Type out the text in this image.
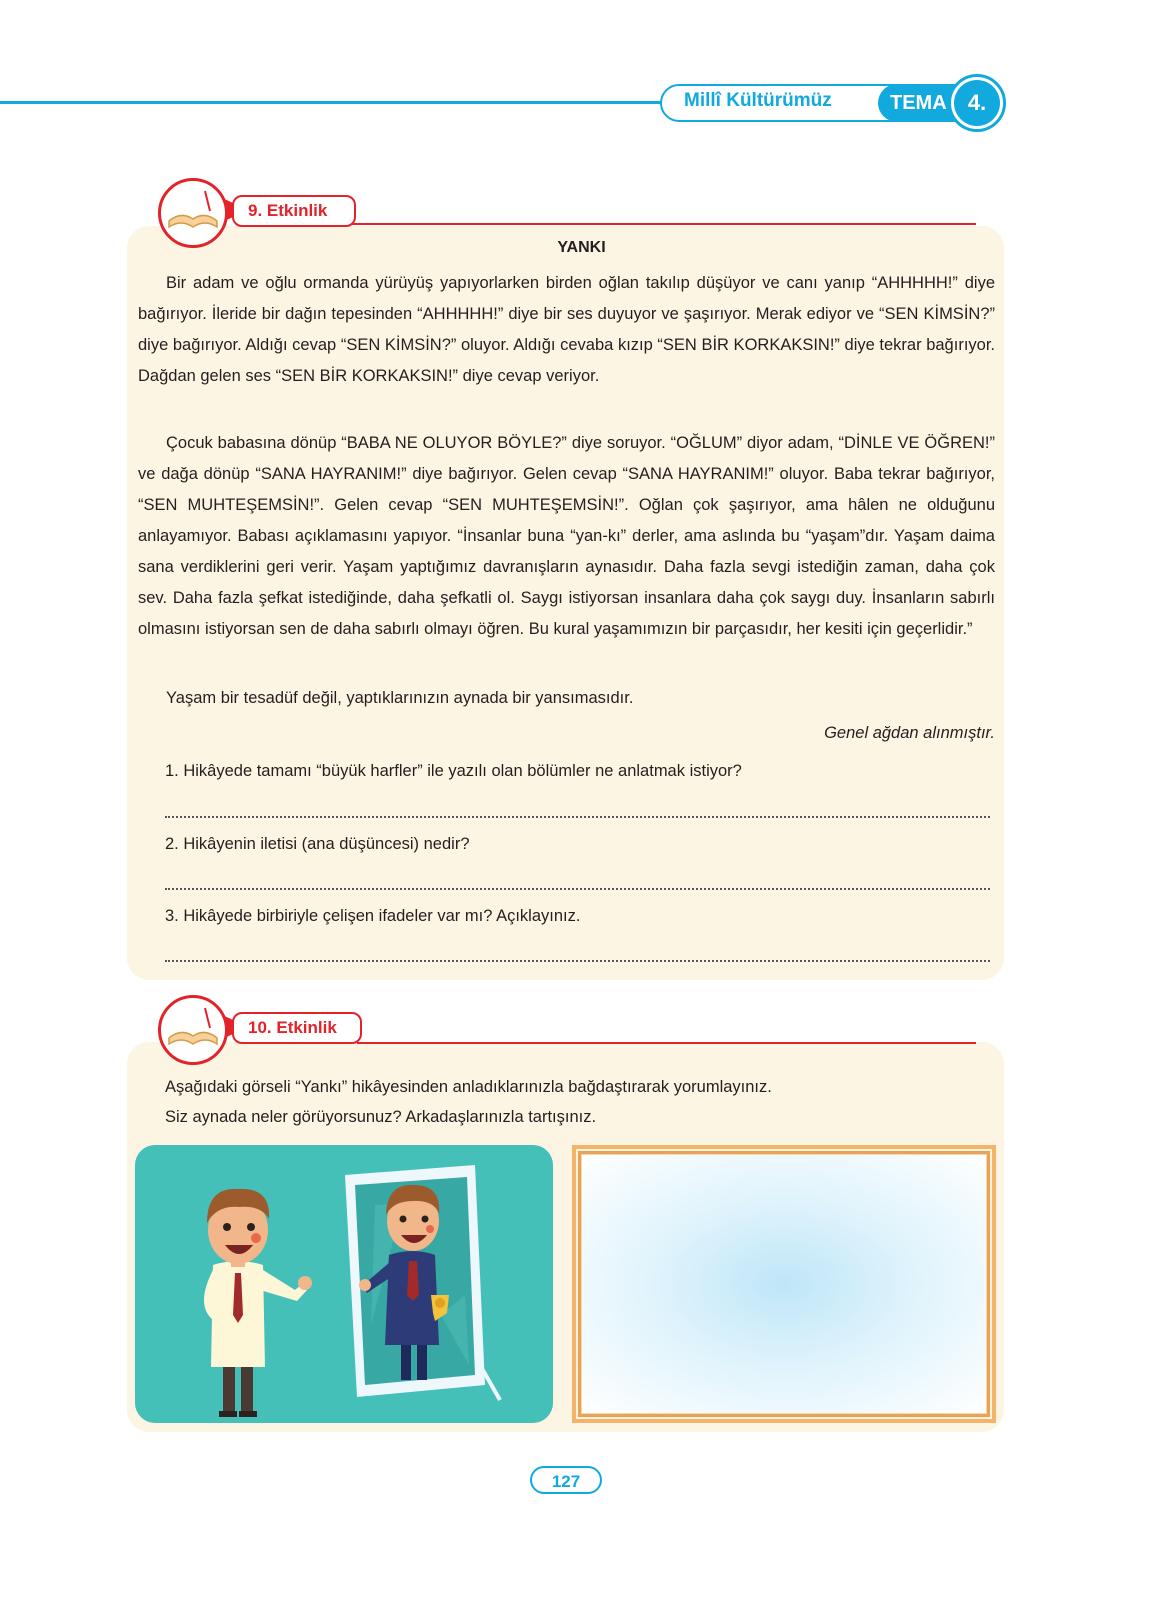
Millî Kültürümüz	TEMA 4.
9. Etkinlik
YANKI
Bir adam ve oğlu ormanda yürüyüş yapıyorlarken birden oğlan takılıp düşüyor ve canı yanıp “AHHHHH!” diye bağırıyor. İleride bir dağın tepesinden “AHHHHH!” diye bir ses duyuyor ve şaşırıyor. Merak ediyor ve “SEN KİMSİN?” diye bağırıyor. Aldığı cevap “SEN KİMSİN?” oluyor. Aldığı cevaba kızıp “SEN BİR KORKAKSIN!” diye tekrar bağırıyor. Dağdan gelen ses “SEN BİR KORKAKSIN!” diye cevap veriyor.
Çocuk babasına dönüp “BABA NE OLUYOR BÖYLE?” diye soruyor. “OĞLUM” diyor adam, “DİNLE VE ÖĞREN!” ve dağa dönüp “SANA HAYRANIM!” diye bağırıyor. Gelen cevap “SANA HAYRANIM!” oluyor. Baba tekrar bağırıyor, “SEN MUHTEŞEMSİN!”. Gelen cevap “SEN MUHTEŞEMSİN!”. Oğlan çok şaşırıyor, ama hâlen ne olduğunu anlayamıyor. Babası açıklamasını yapıyor. “İnsanlar buna “yan-kı” derler, ama aslında bu “yaşam”dır. Yaşam daima sana verdiklerini geri verir. Yaşam yaptığımız davranışların aynasıdır. Daha fazla sevgi istediğin zaman, daha çok sev. Daha fazla şefkat istediğinde, daha şefkatli ol. Saygı istiyorsan insanlara daha çok saygı duy. İnsanların sabırlı olmasını istiyorsan sen de daha sabırlı olmayı öğren. Bu kural yaşamımızın bir parçasıdır, her kesiti için geçerlidir.”
Yaşam bir tesadüf değil, yaptıklarınızın aynada bir yansımasıdır.
Genel ağdan alınmıştır.
1. Hikâyede tamamı “büyük harfler” ile yazılı olan bölümler ne anlatmak istiyor?
2. Hikâyenin iletisi (ana düşüncesi) nedir?
3. Hikâyede birbiriyle çelişen ifadeler var mı? Açıklayınız.
10. Etkinlik
Aşağıdaki görseli “Yankı” hikâyesinden anladıklarınızla bağdaştırarak yorumlayınız.
Siz aynada neler görüyorsunuz? Arkadaşlarınızla tartışınız.
127
